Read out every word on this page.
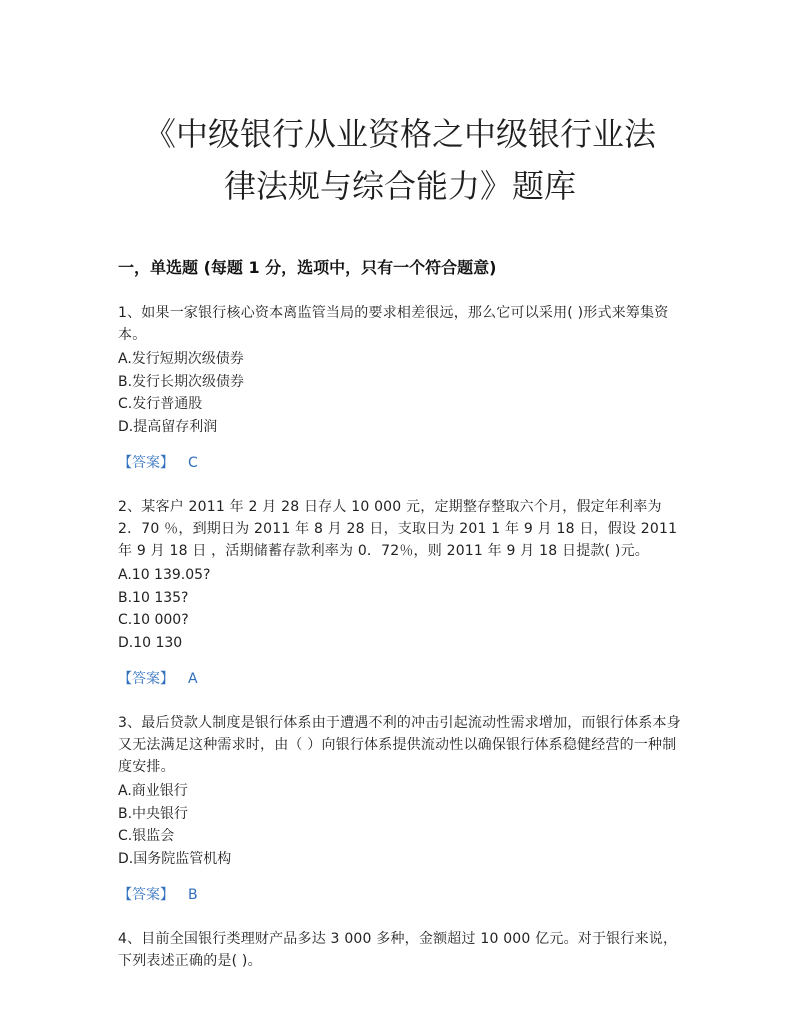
《中级银行从业资格之中级银行业法
律法规与综合能力》题库
一，单选题 (每题 1 分，选项中，只有一个符合题意)
1、如果一家银行核心资本离监管当局的要求相差很远，那么它可以采用( )形式来筹集资本。
A.发行短期次级债券
B.发行长期次级债券
C.发行普通股
D.提高留存利润
【答案】 C
2、某客户 2011 年 2 月 28 日存人 10 000 元，定期整存整取六个月，假定年利率为 2．70 ％，到期日为 2011 年 8 月 28 日，支取日为 201 1 年 9 月 18 日，假设 2011 年 9 月 18 日 ，活期储蓄存款利率为 0．72％，则 2011 年 9 月 18 日提款( )元。
A.10 139.05?
B.10 135?
C.10 000?
D.10 130
【答案】 A
3、最后贷款人制度是银行体系由于遭遇不利的冲击引起流动性需求增加，而银行体系本身又无法满足这种需求时，由（ ）向银行体系提供流动性以确保银行体系稳健经营的一种制度安排。
A.商业银行
B.中央银行
C.银监会
D.国务院监管机构
【答案】 B
4、目前全国银行类理财产品多达 3 000 多种，金额超过 10 000 亿元。对于银行来说，下列表述正确的是( )。
